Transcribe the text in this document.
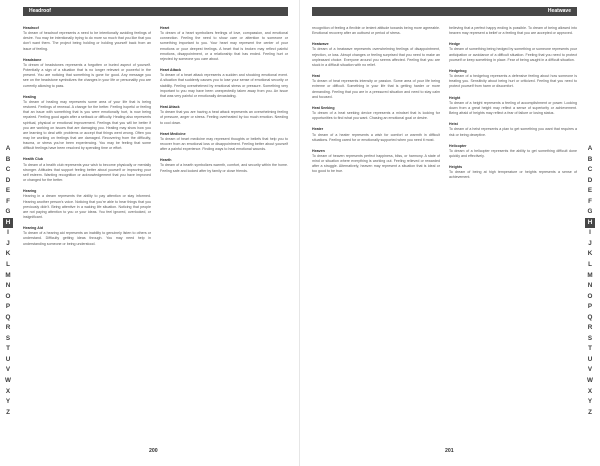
Headroof
Headroof
To dream of headroof represents a need to be intentionally avoiding feelings of desire. You may be intentionally trying to do more so much that you like that you don't want them. The project being holding or holding yourself back from an issue of feeling.
Headstone
To dream of headstones represents a forgotten or buried aspect of yourself. Potentially a sign of a situation that is no longer relevant or powerful in the present. You are noticing that something is gone for good. Any message you see on the headstone symbolizes the changes in your life or personality you are currently allowing to pass.
Healing
To dream of healing may represents some area of your life that is being restored. Feelings of renewal. A change for the better. Feeling hopeful or feeling that an issue with something that is you were emotionally hurt, is now being repaired. Feeling good again after a setback or difficulty. Healing also represents spiritual, physical or emotional improvement. Feelings that you will be better if you are working on issues that are damaging you. Healing may show how you are learning to deal with problems or accept that things went wrong. Often you may be working on feelings that are damaged. Recovering from the difficulty, trauma, or stress you've been experiencing. You may be feeling that some difficult feelings have been resolved by spending time or effort.
Health Club
To dream of a health club represents your wish to become physically or mentally stronger. Attitudes that support feeling better about yourself or improving your self esteem. Wanting recognition or acknowledgement that you have improved or changed for the better.
Hearing
Hearing in a dream represents the ability to pay attention or stay informed. Hearing another person's voice. Noticing that you're able to hear things that you previously didn't. Being attentive in a waking life situation. Noticing that people are not paying attention to you or your ideas. You feel ignored, overlooked, or insignificant.
Hearing Aid
To dream of a hearing aid represents an inability to genuinely listen to others or understand. Difficulty getting ideas through. You may need help in understanding someone or being understood.
Heart
To dream of a heart symbolizes feelings of love, compassion, and emotional connection. Feeling the need to show care or attention to someone or something important to you. Your heart may represent the center of your emotions or your deepest feelings. A heart that is broken may reflect painful emotions, disappointment, or a relationship that has ended. Feeling hurt or rejected by someone you care about.
Heart Attack
To dream of a heart attack represents a sudden and shocking emotional event. A situation that suddenly causes you to lose your sense of emotional security or stability. Feeling overwhelmed by emotional stress or pressure. Something very important to you may have been unexpectedly taken away from you. An issue that was very painful or emotionally devastating.
Heat Attack
To dream that you are having a heat attack represents an overwhelming feeling of pressure, anger or stress. Feeling overheated by too much emotion. Needing to cool down.
Heart Medicine
To dream of heart medicine may represent thoughts or beliefs that help you to recover from an emotional loss or disappointment. Feeling better about yourself after a painful experience. Finding ways to heal emotional wounds.
Hearth
To dream of a hearth symbolizes warmth, comfort, and security within the home. Feeling safe and looked after by family or close friends.
A
B
C
D
E
F
G
H
I
J
K
L
M
N
O
P
Q
R
S
T
U
V
W
X
Y
Z
200
Heatwave
recognition of feeling a flexible or lenient attitude towards being more agreeable. Emotional recovery after an outburst or period of stress.
Heatwave
To dream of a heatwave represents overwhelming feelings of disappointment, rejection, or loss. Abrupt changes or feeling surprised that you need to make an unpleasant choice. Everyone around you seems affected. Feeling that you are stuck in a difficult situation with no relief.
Heat
To dream of heat represents intensity or passion. Some area of your life being extreme or difficult. Something in your life that is getting harder or more demanding. Feeling that you are in a pressured situation and need to stay calm and focused.
Heat Seeking
To dream of a heat seeking device represents a mindset that is looking for opportunities to find what you want. Chasing an emotional goal or desire.
Heater
To dream of a heater represents a wish for comfort or warmth in difficult situations. Feeling cared for or emotionally supported when you need it most.
Heaven
To dream of heaven represents perfect happiness, bliss, or harmony. A state of mind or situation where everything is working out. Feeling relieved or rewarded after a struggle. Alternatively, heaven may represent a situation that is ideal or too good to be true.
believing that a perfect happy ending is possible. To dream of being allowed into heaven may represent a belief or a feeling that you are accepted or approved.
Hedge
To dream of something being hedged by something or someone represents your anticipation or avoidance of a difficult situation. Feeling that you need to protect yourself or keep something in place. Fear of being caught in a difficult situation.
Hedgehog
To dream of a hedgehog represents a defensive feeling about how someone is treating you. Sensitivity about being hurt or criticized. Feeling that you need to protect yourself from harm or discomfort.
Height
To dream of a height represents a feeling of accomplishment or power. Looking down from a great height may reflect a sense of superiority or achievement. Being afraid of heights may reflect a fear of failure or losing status.
Heist
To dream of a heist represents a plan to get something you want that requires a risk or being deceptive.
Helicopter
To dream of a helicopter represents the ability to get something difficult done quickly and effectively.
Heights
To dream of being at high temperature or heights represents a sense of achievement.
A
B
C
D
E
F
G
H
I
J
K
L
M
N
O
P
Q
R
S
T
U
V
W
X
Y
Z
201
